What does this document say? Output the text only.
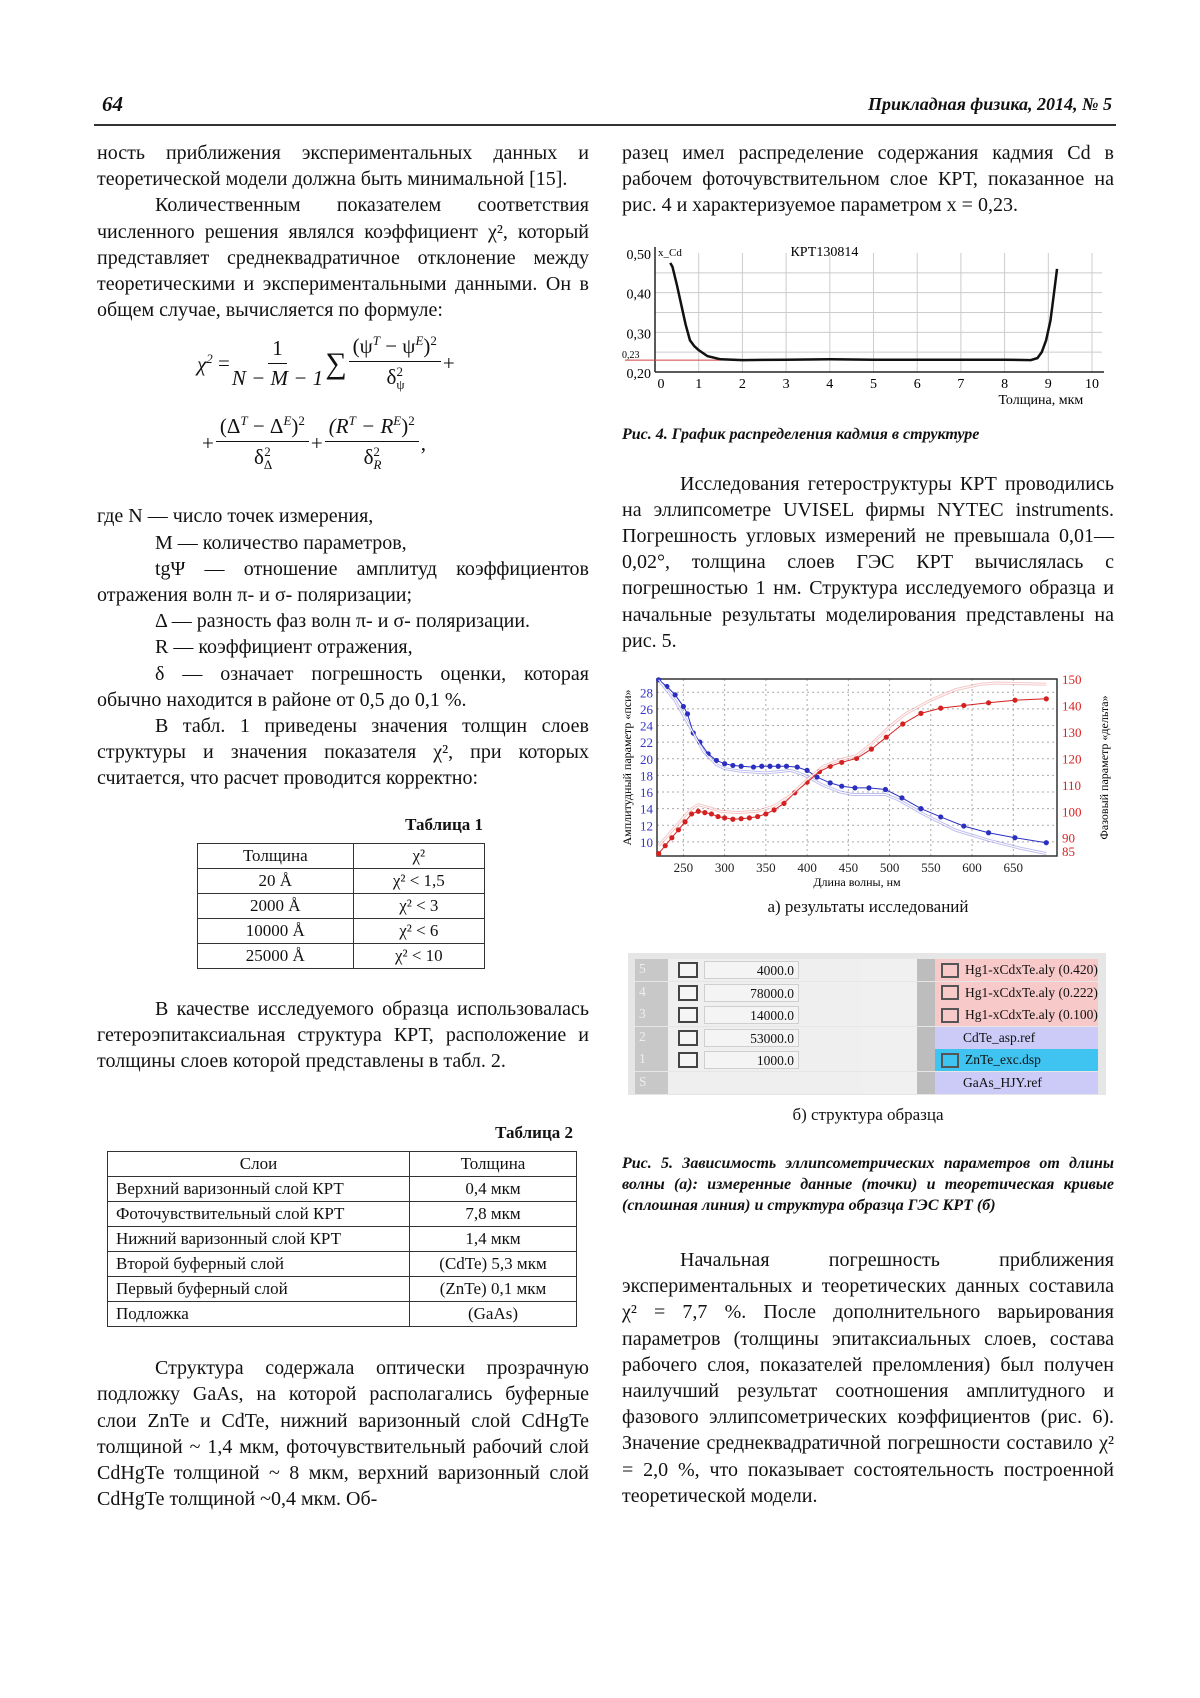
64	Прикладная физика, 2014, № 5

ность приближения экспериментальных данных и теоретической модели должна быть минимальной [15].

Количественным показателем соответствия численного решения являлся коэффициент χ², который представляет среднеквадратичное отклонение между теоретическими и экспериментальными данными. Он в общем случае, вычисляется по формуле:

$\chi^2$
= $\frac{1}{N - M - 1}$ ∑ $\frac{(\psi^T - \psi^E)^2}{\delta_\psi^2}$ +
+ $\frac{(\Delta^T - \Delta^E)^2}{\delta_\Delta^2} + \frac{(R^T - R^E)^2}{\delta_R^2}$ ,

где N — число точек измерения,

M — количество параметров,

tgΨ — отношение амплитуд коэффициентов отражения волн π- и σ- поляризации;

Δ — разность фаз волн π- и σ- поляризации.

R — коэффициент отражения,

δ — означает погрешность оценки, которая обычно находится в районе от 0,5 до 0,1 %.

В табл. 1 приведены значения толщин слоев структуры и значения показателя χ², при которых считается, что расчет проводится корректно:

Таблица 1
Толщина	χ²
20 Å	χ² < 1,5
2000 Å	χ² < 3
10000 Å	χ² < 6
25000 Å	χ² < 10

В качестве исследуемого образца использовалась гетероэпитаксиальная структура КРТ, расположение и толщины слоев которой представлены в табл. 2.

Таблица 2
Слои	Толщина
Верхний варизонный слой КРТ	0,4 мкм
Фоточувствительный слой КРТ	7,8 мкм
Нижний варизонный слой КРТ	1,4 мкм
Второй буферный слой	(CdTe) 5,3 мкм
Первый буферный слой	(ZnTe) 0,1 мкм
Подложка	(GaAs)

Структура содержала оптически прозрачную подложку GaAs, на которой располагались буферные слои ZnTe и CdTe, нижний варизонный слой CdHgTe толщиной ~ 1,4 мкм, фоточувствительный рабочий слой CdHgTe толщиной ~ 8 мкм, верхний варизонный слой CdHgTe толщиной ~0,4 мкм. Об-

разец имел распределение содержания кадмия Cd в рабочем фоточувствительном слое КРТ, показанное на рис. 4 и характеризуемое параметром x = 0,23.

0,23
0,20
0,30
0,40
0,50
0 1	2	3	4	5	6	7	8	9 10
x_Cd	КРТ130814
Толщина, мкм
Рис. 4. График распределения кадмия в структуре

Исследования гетероструктуры КРТ проводились на эллипсометре UVISEL фирмы NYTEC instruments. Погрешность угловых измерений не превышала 0,01—0,02°, толщина слоев ГЭС КРТ вычислялась с погрешностью 1 нм. Структура исследуемого образца и начальные результаты моделирования представлены на рис. 5.

250 300 350 400 450 500 550 600 650
10
12
14
16
18
20
22
24
26
28
85
90
100
110
120
130
140
150
Длина волны, нм
Амплитудный параметр «пси»	Фазовый параметр «дельта»
а) результаты исследований
5	4000.0	Hg1-xCdxTe.aly (0.420)
4	78000.0	Hg1-xCdxTe.aly (0.222)
3	14000.0	Hg1-xCdxTe.aly (0.100)
2	53000.0	CdTe_asp.ref
1	1000.0	ZnTe_exc.dsp
S	GaAs_HJY.ref
б) структура образца
Рис. 5. Зависимость эллипсометрических параметров от длины волны (а): измеренные данные (точки) и теоретическая кривые (сплошная линия) и структура образца ГЭС КРТ (б)

Начальная погрешность приближения экспериментальных и теоретических данных составила χ² = 7,7 %. После дополнительного варьирования параметров (толщины эпитаксиальных слоев, состава рабочего слоя, показателей преломления) был получен наилучший результат соотношения амплитудного и фазового эллипсометрических коэффициентов (рис. 6). Значение среднеквадратичной погрешности составило χ² = 2,0 %, что показывает состоятельность построенной теоретической модели.
